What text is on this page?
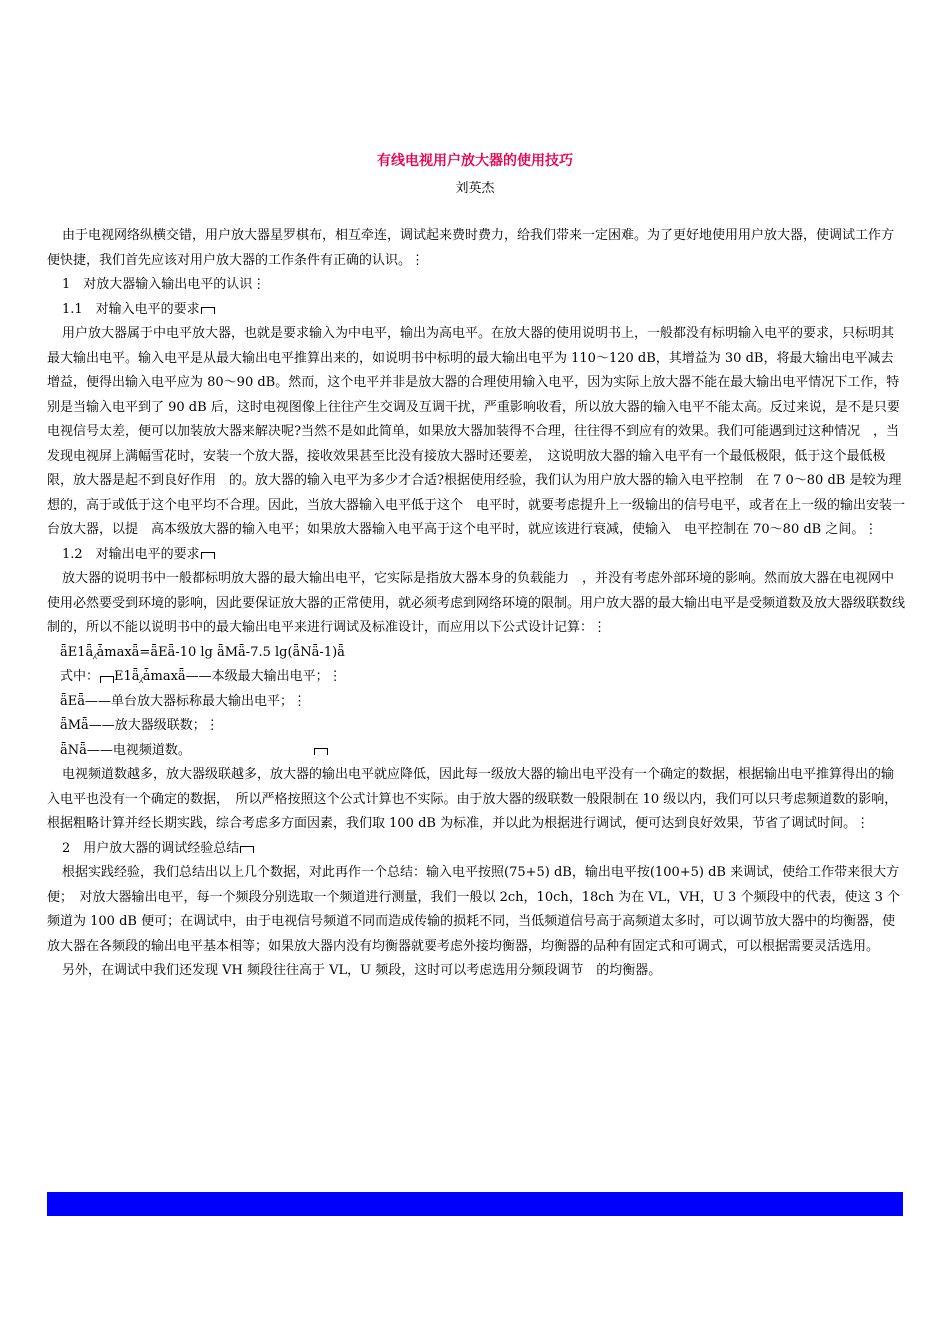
有线电视用户放大器的使用技巧
刘英杰

由于电视网络纵横交错，用户放大器星罗棋布，相互牵连，调试起来费时费力，给我们带来一定困难。为了更好地使用用户放大器，使调试工作方便快捷，我们首先应该对用户放大器的工作条件有正确的认识。⋮

1　对放大器输入输出电平的认识⋮

1.1　对输入电平的要求

用户放大器属于中电平放大器，也就是要求输入为中电平，输出为高电平。在放大器的使用说明书上，一般都没有标明输入电平的要求，只标明其最大输出电平。输入电平是从最大输出电平推算出来的，如说明书中标明的最大输出电平为 110～120 dB，其增益为 30 dB，将最大输出电平减去增益，便得出输入电平应为 80～90 dB。然而，这个电平并非是放大器的合理使用输入电平，因为实际上放大器不能在最大输出电平情况下工作，特别是当输入电平到了 90 dB 后，这时电视图像上往往产生交调及互调干扰，严重影响收看，所以放大器的输入电平不能太高。反过来说，是不是只要电视信号太差，便可以加装放大器来解决呢?当然不是如此简单，如果放大器加装得不合理，往往得不到应有的效果。我们可能遇到过这种情况　，当发现电视屏上满幅雪花时，安装一个放大器，接收效果甚至比没有接放大器时还要差，　这说明放大器的输入电平有一个最低极限，低于这个最低极限，放大器是起不到良好作用　的。放大器的输入电平为多少才合适?根据使用经验，我们认为用户放大器的输入电平控制　在 7 0～80 dB 是较为理想的，高于或低于这个电平均不合理。因此，当放大器输入电平低于这个　电平时，就要考虑提升上一级输出的信号电平，或者在上一级的输出安装一台放大器，以提　高本级放大器的输入电平；如果放大器输入电平高于这个电平时，就应该进行衰减，使输入　电平控制在 70～80 dB 之间。⋮

1.2　对输出电平的要求

放大器的说明书中一般都标明放大器的最大输出电平，它实际是指放大器本身的负载能力　，并没有考虑外部环境的影响。然而放大器在电视网中使用必然要受到环境的影响，因此要保证放大器的正常使用，就必须考虑到网络环境的限制。用户放大器的最大输出电平是受频道数及放大器级联数线制的，所以不能以说明书中的最大输出电平来进行调试及标准设计，而应用以下公式设计记算：⋮

ǟE1ǟ⁁ǡmaxǟ=ǟEǟ-10 lg ǟMǟ-7.5 lg(ǟNǟ-1)ǟ

式中： E1ǟ⁁ǡmaxǟ——本级最大输出电平；⋮

ǟEǟ——单台放大器标称最大输出电平；⋮

ǟMǟ——放大器级联数；⋮

ǟNǟ——电视频道数。

电视频道数越多，放大器级联越多，放大器的输出电平就应降低，因此每一级放大器的输出电平没有一个确定的数据，根据输出电平推算得出的输入电平也没有一个确定的数据，　所以严格按照这个公式计算也不实际。由于放大器的级联数一般限制在 10 级以内，我们可以只考虑频道数的影响，根据粗略计算并经长期实践，综合考虑多方面因素，我们取 100 dB 为标准，并以此为根据进行调试，便可达到良好效果，节省了调试时间。⋮

2　用户放大器的调试经验总结

根据实践经验，我们总结出以上几个数据，对此再作一个总结：输入电平按照(75+5) dB，输出电平按(100+5) dB 来调试，使给工作带来很大方便；　对放大器输出电平，每一个频段分别选取一个频道进行测量，我们一般以 2ch，10ch，18ch 为在 VL，VH，U 3 个频段中的代表，使这 3 个频道为 100 dB 便可；在调试中，由于电视信号频道不同而造成传输的损耗不同，当低频道信号高于高频道太多时，可以调节放大器中的均衡器，使放大器在各频段的输出电平基本相等；如果放大器内没有均衡器就要考虑外接均衡器，均衡器的品种有固定式和可调式，可以根据需要灵活选用。

另外，在调试中我们还发现 VH 频段往往高于 VL，U 频段，这时可以考虑选用分频段调节　的均衡器。
